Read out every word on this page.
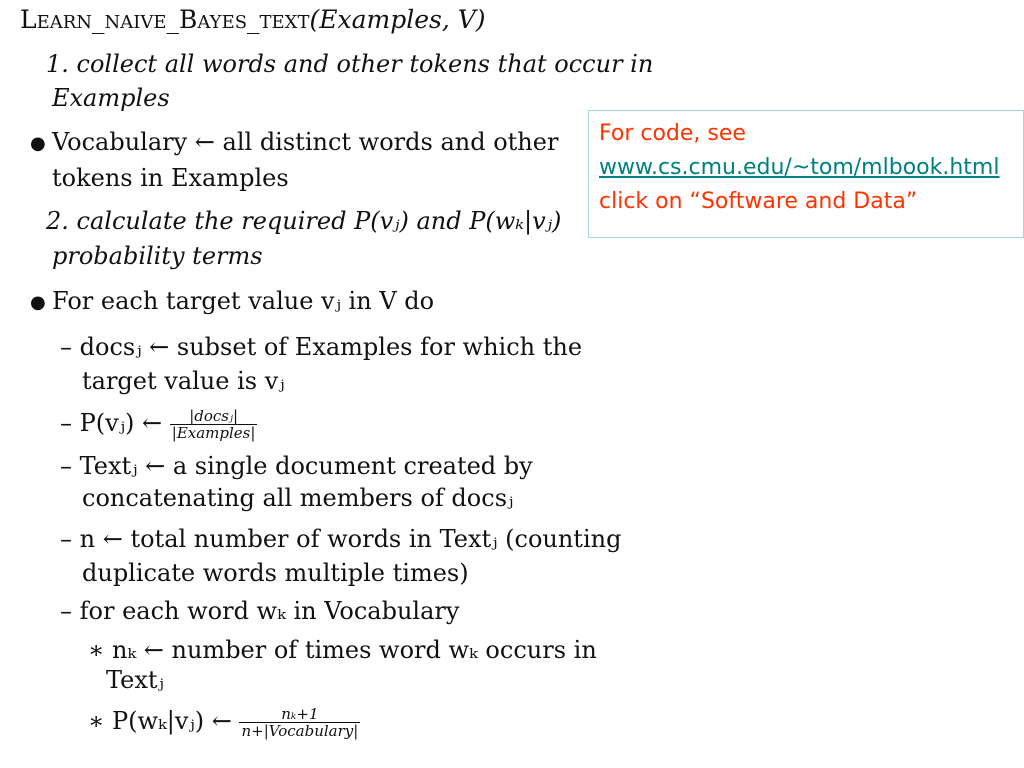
Learn_naive_Bayes_text(Examples, V)
1. collect all words and other tokens that occur in
Examples
● Vocabulary ← all distinct words and other
tokens in Examples
2. calculate the required P(vⱼ) and P(wₖ|vⱼ)
probability terms
● For each target value vⱼ in V do
– docsⱼ ← subset of Examples for which the
target value is vⱼ
– P(vⱼ) ← $\frac{\text{|docsⱼ|}}{\text{|Examples|}}$
– Textⱼ ← a single document created by
concatenating all members of docsⱼ
– n ← total number of words in Textⱼ (counting
duplicate words multiple times)
– for each word wₖ in Vocabulary
∗ nₖ ← number of times word wₖ occurs in
Textⱼ
∗ P(wₖ|vⱼ) ← $\frac{\text{nₖ+1}}{\text{n+|Vocabulary|}}$
For code, see
www.cs.cmu.edu/~tom/mlbook.html
click on “Software and Data”
